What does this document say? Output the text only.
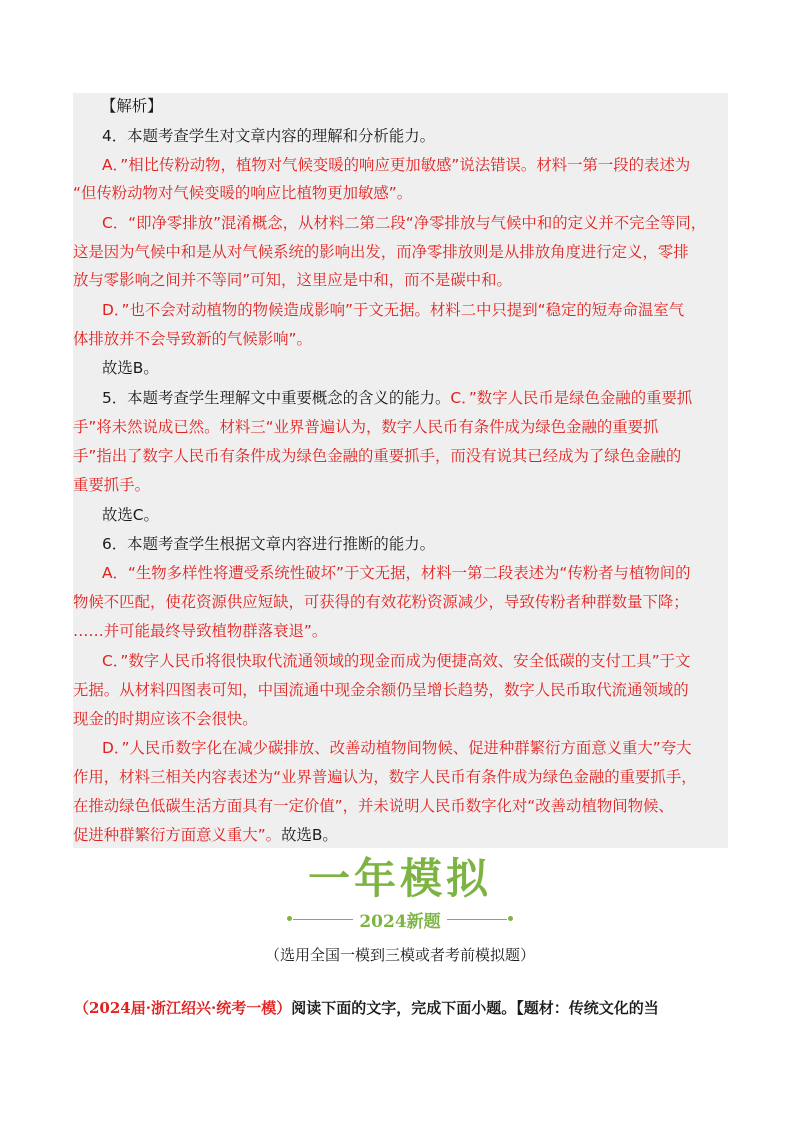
【解析】
4．本题考查学生对文章内容的理解和分析能力。
A．”相比传粉动物，植物对气候变暖的响应更加敏感”说法错误。材料一第一段的表述为
“但传粉动物对气候变暖的响应比植物更加敏感”。
C．“即净零排放”混淆概念，从材料二第二段“净零排放与气候中和的定义并不完全等同，
这是因为气候中和是从对气候系统的影响出发，而净零排放则是从排放角度进行定义，零排
放与零影响之间并不等同”可知，这里应是中和，而不是碳中和。
D．”也不会对动植物的物候造成影响”于文无据。材料二中只提到“稳定的短寿命温室气
体排放并不会导致新的气候影响”。
故选B。
5．本题考查学生理解文中重要概念的含义的能力。C．”数字人民币是绿色金融的重要抓
手”将未然说成已然。材料三“业界普遍认为，数字人民币有条件成为绿色金融的重要抓
手”指出了数字人民币有条件成为绿色金融的重要抓手，而没有说其已经成为了绿色金融的
重要抓手。
故选C。
6．本题考查学生根据文章内容进行推断的能力。
A．“生物多样性将遭受系统性破坏”于文无据，材料一第二段表述为“传粉者与植物间的
物候不匹配，使花资源供应短缺，可获得的有效花粉资源减少，导致传粉者种群数量下降；
……并可能最终导致植物群落衰退”。
C．”数字人民币将很快取代流通领域的现金而成为便捷高效、安全低碳的支付工具”于文
无据。从材料四图表可知，中国流通中现金余额仍呈增长趋势，数字人民币取代流通领域的
现金的时期应该不会很快。
D．”人民币数字化在减少碳排放、改善动植物间物候、促进种群繁衍方面意义重大”夸大
作用，材料三相关内容表述为“业界普遍认为，数字人民币有条件成为绿色金融的重要抓手，
在推动绿色低碳生活方面具有一定价值”，并未说明人民币数字化对“改善动植物间物候、
促进种群繁衍方面意义重大”。故选B。
一年模拟
2024新题
（选用全国一模到三模或者考前模拟题）
（2024届·浙江绍兴·统考一模）阅读下面的文字，完成下面小题。【题材：传统文化的当
